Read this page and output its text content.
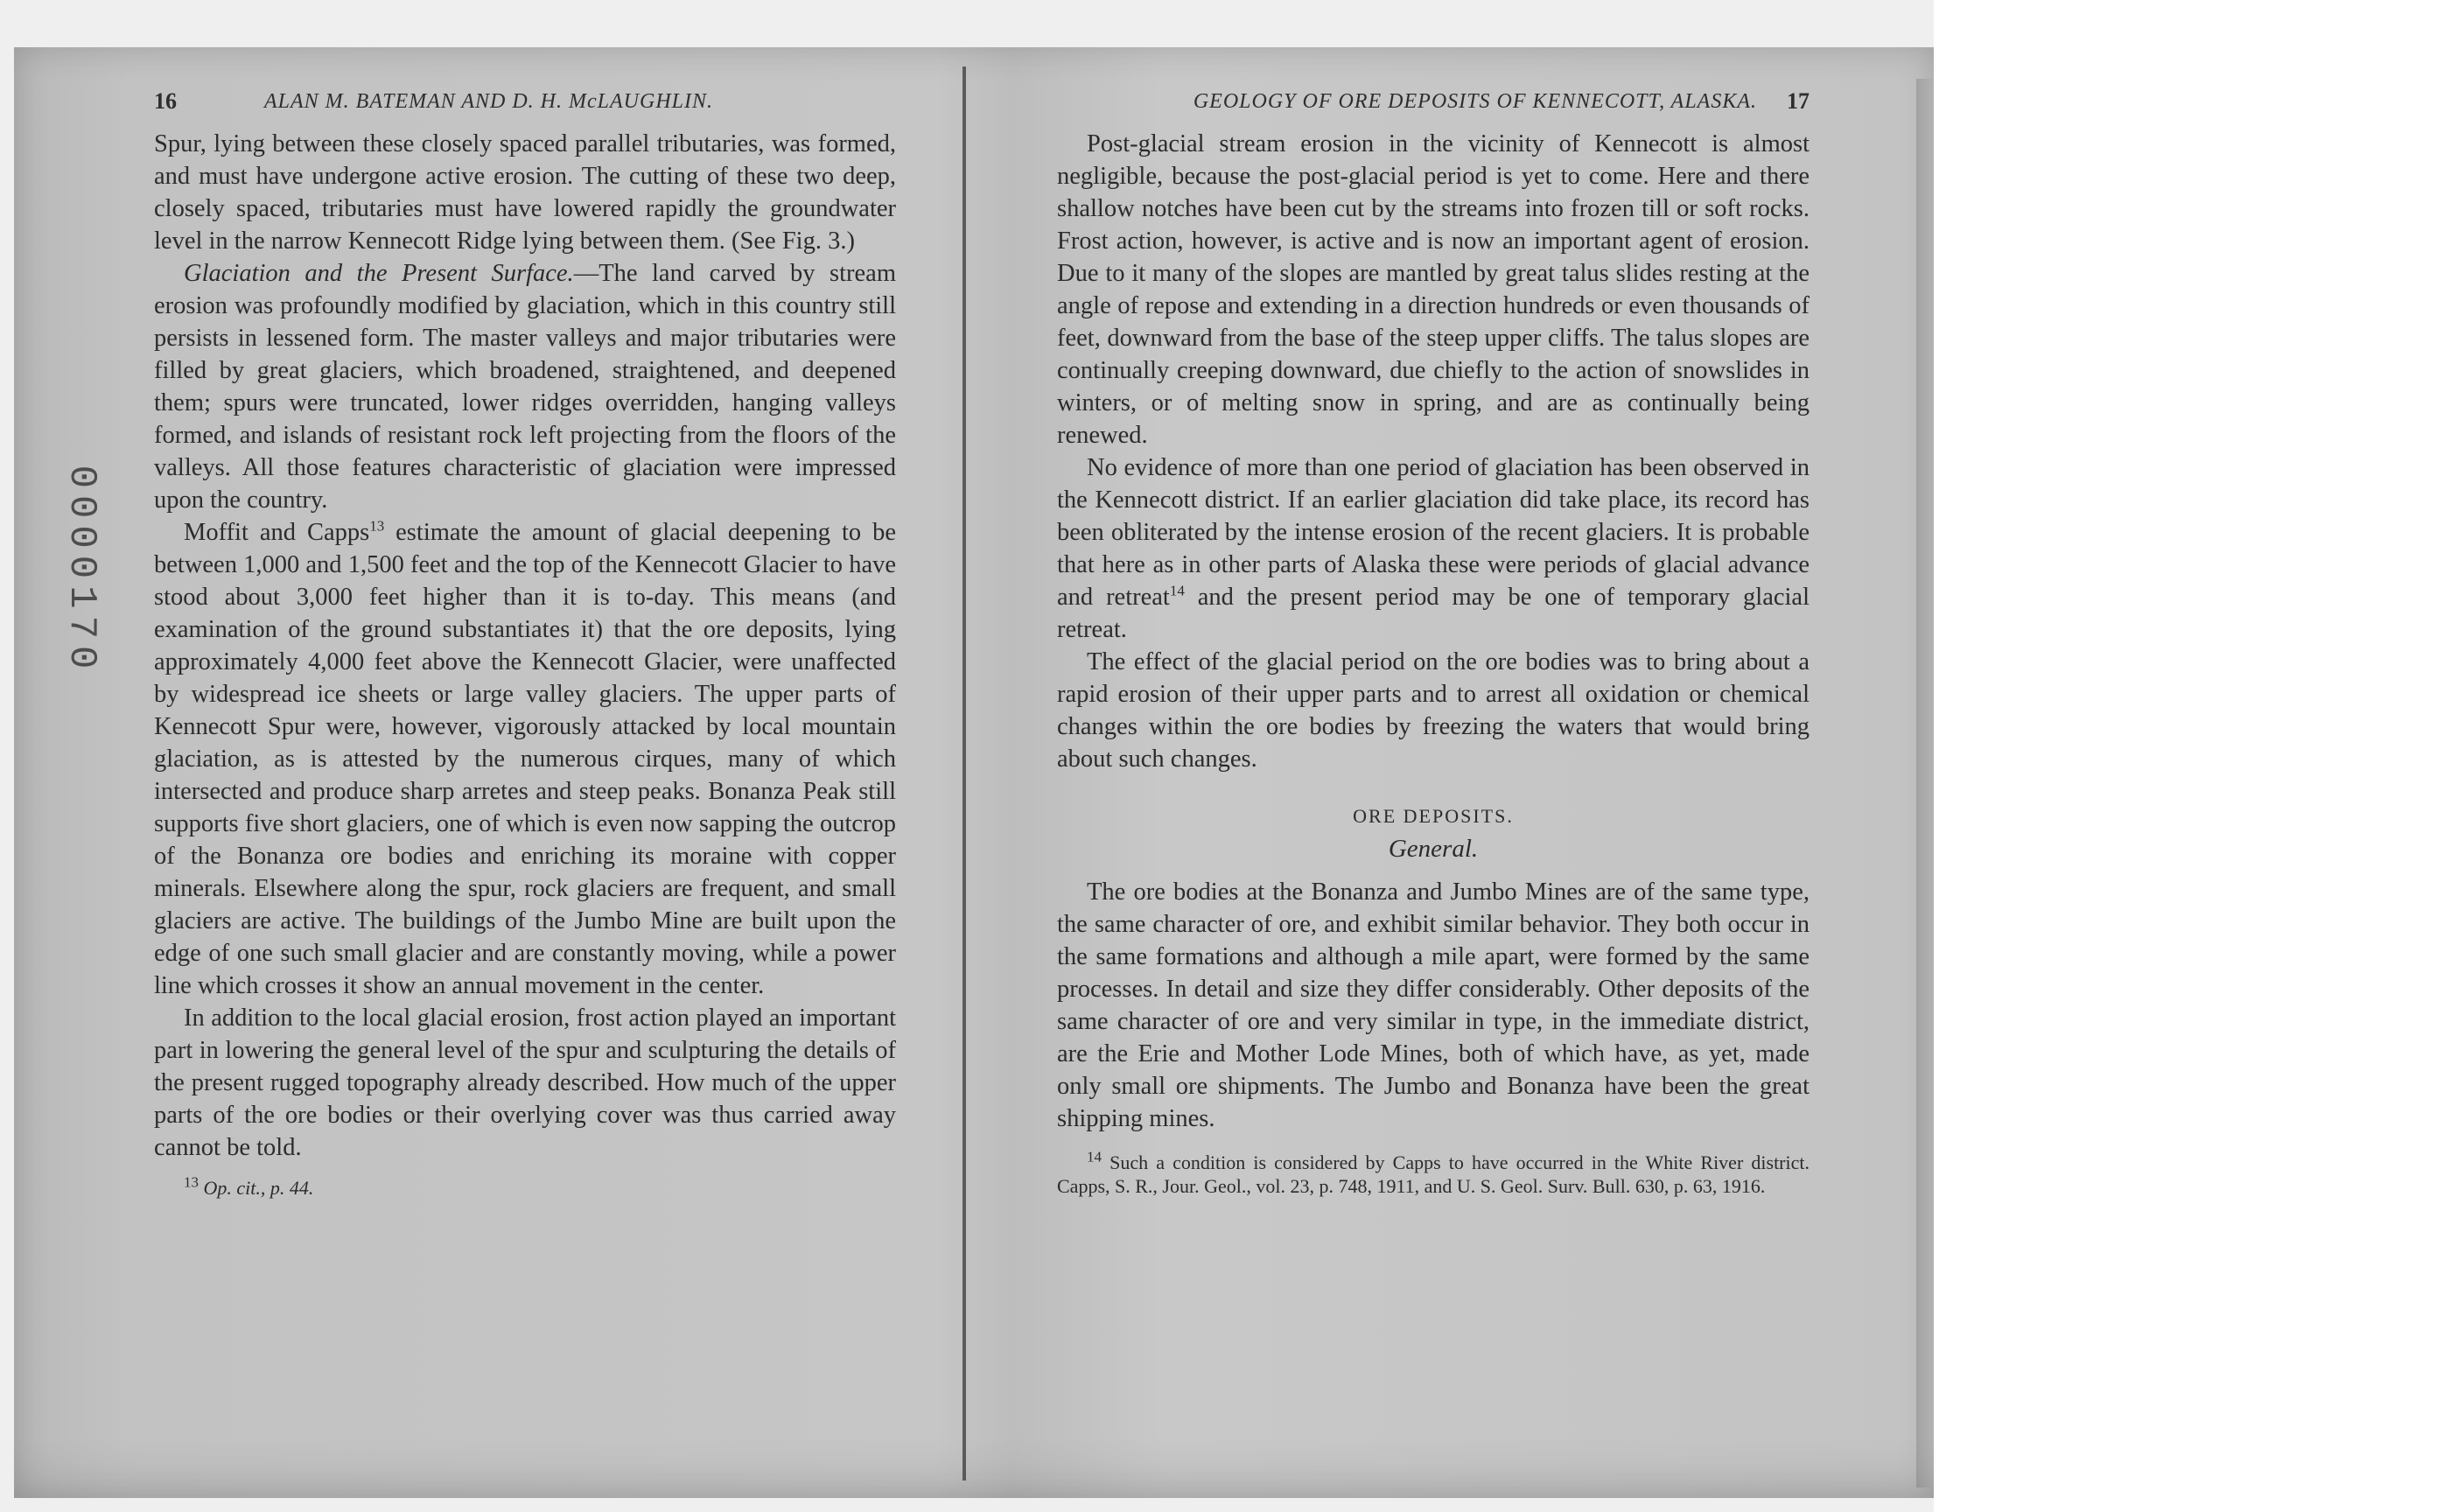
0000170
16	ALAN M. BATEMAN AND D. H. McLAUGHLIN.

Spur, lying between these closely spaced parallel tributaries, was formed, and must have undergone active erosion. The cutting of these two deep, closely spaced, tributaries must have lowered rapidly the groundwater level in the narrow Kennecott Ridge lying between them. (See Fig. 3.)

Glaciation and the Present Surface.—The land carved by stream erosion was profoundly modified by glaciation, which in this country still persists in lessened form. The master valleys and major tributaries were filled by great glaciers, which broadened, straightened, and deepened them; spurs were truncated, lower ridges overridden, hanging valleys formed, and islands of resistant rock left projecting from the floors of the valleys. All those features characteristic of glaciation were impressed upon the country.

Moffit and Capps$^{13}$ estimate the amount of glacial deepening to be between 1,000 and 1,500 feet and the top of the Kennecott Glacier to have stood about 3,000 feet higher than it is to-day. This means (and examination of the ground substantiates it) that the ore deposits, lying approximately 4,000 feet above the Kennecott Glacier, were unaffected by widespread ice sheets or large valley glaciers. The upper parts of Kennecott Spur were, however, vigorously attacked by local mountain glaciation, as is attested by the numerous cirques, many of which intersected and produce sharp arretes and steep peaks. Bonanza Peak still supports five short glaciers, one of which is even now sapping the outcrop of the Bonanza ore bodies and enriching its moraine with copper minerals. Elsewhere along the spur, rock glaciers are frequent, and small glaciers are active. The buildings of the Jumbo Mine are built upon the edge of one such small glacier and are constantly moving, while a power line which crosses it show an annual movement in the center.

In addition to the local glacial erosion, frost action played an important part in lowering the general level of the spur and sculpturing the details of the present rugged topography already described. How much of the upper parts of the ore bodies or their overlying cover was thus carried away cannot be told.

$^{13}$ Op. cit., p. 44.

GEOLOGY OF ORE DEPOSITS OF KENNECOTT, ALASKA. 17

Post-glacial stream erosion in the vicinity of Kennecott is almost negligible, because the post-glacial period is yet to come. Here and there shallow notches have been cut by the streams into frozen till or soft rocks. Frost action, however, is active and is now an important agent of erosion. Due to it many of the slopes are mantled by great talus slides resting at the angle of repose and extending in a direction hundreds or even thousands of feet, downward from the base of the steep upper cliffs. The talus slopes are continually creeping downward, due chiefly to the action of snowslides in winters, or of melting snow in spring, and are as continually being renewed.

No evidence of more than one period of glaciation has been observed in the Kennecott district. If an earlier glaciation did take place, its record has been obliterated by the intense erosion of the recent glaciers. It is probable that here as in other parts of Alaska these were periods of glacial advance and retreat$^{14}$ and the present period may be one of temporary glacial retreat.

The effect of the glacial period on the ore bodies was to bring about a rapid erosion of their upper parts and to arrest all oxidation or chemical changes within the ore bodies by freezing the waters that would bring about such changes.

ORE DEPOSITS.
General.

The ore bodies at the Bonanza and Jumbo Mines are of the same type, the same character of ore, and exhibit similar behavior. They both occur in the same formations and although a mile apart, were formed by the same processes. In detail and size they differ considerably. Other deposits of the same character of ore and very similar in type, in the immediate district, are the Erie and Mother Lode Mines, both of which have, as yet, made only small ore shipments. The Jumbo and Bonanza have been the great shipping mines.

$^{14}$ Such a condition is considered by Capps to have occurred in the White River district. Capps, S. R., Jour. Geol., vol. 23, p. 748, 1911, and U. S. Geol. Surv. Bull. 630, p. 63, 1916.
